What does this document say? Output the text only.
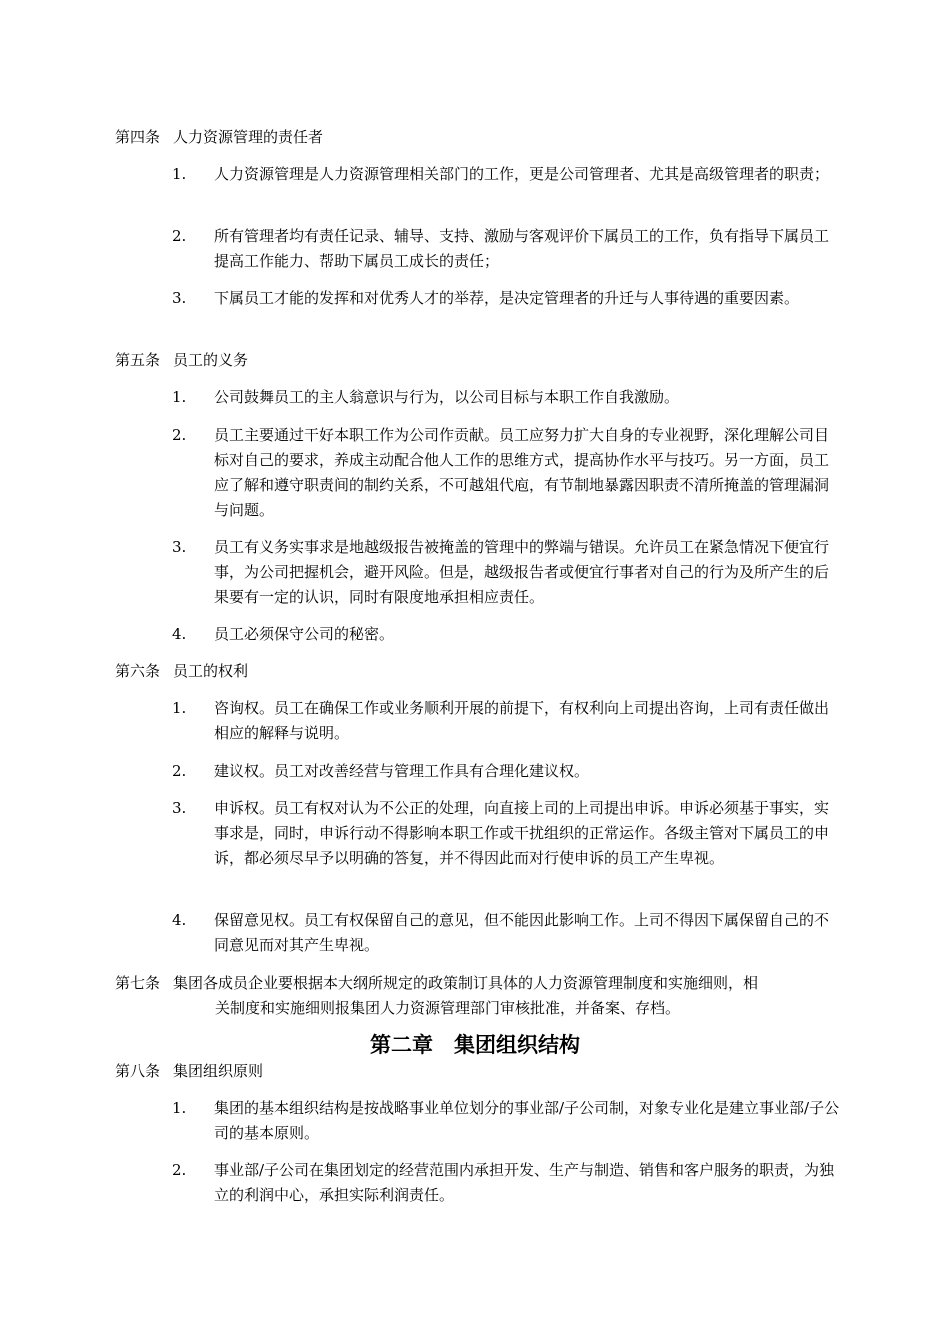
第四条 人力资源管理的责任者
1.	人力资源管理是人力资源管理相关部门的工作，更是公司管理者、尤其是高级管理者的职责；
2.	所有管理者均有责任记录、辅导、支持、激励与客观评价下属员工的工作，负有指导下属员工提高工作能力、帮助下属员工成长的责任；
3.	下属员工才能的发挥和对优秀人才的举荐，是决定管理者的升迁与人事待遇的重要因素。
第五条 员工的义务
1.	公司鼓舞员工的主人翁意识与行为，以公司目标与本职工作自我激励。
2.	员工主要通过干好本职工作为公司作贡献。员工应努力扩大自身的专业视野，深化理解公司目标对自己的要求，养成主动配合他人工作的思维方式，提高协作水平与技巧。另一方面，员工应了解和遵守职责间的制约关系，不可越俎代庖，有节制地暴露因职责不清所掩盖的管理漏洞与问题。
3.	员工有义务实事求是地越级报告被掩盖的管理中的弊端与错误。允许员工在紧急情况下便宜行事，为公司把握机会，避开风险。但是，越级报告者或便宜行事者对自己的行为及所产生的后果要有一定的认识，同时有限度地承担相应责任。
4.	员工必须保守公司的秘密。
第六条 员工的权利
1.	咨询权。员工在确保工作或业务顺利开展的前提下，有权利向上司提出咨询，上司有责任做出相应的解释与说明。
2.	建议权。员工对改善经营与管理工作具有合理化建议权。
3.	申诉权。员工有权对认为不公正的处理，向直接上司的上司提出申诉。申诉必须基于事实，实事求是，同时，申诉行动不得影响本职工作或干扰组织的正常运作。各级主管对下属员工的申诉，都必须尽早予以明确的答复，并不得因此而对行使申诉的员工产生卑视。
4.	保留意见权。员工有权保留自己的意见，但不能因此影响工作。上司不得因下属保留自己的不同意见而对其产生卑视。
第七条 集团各成员企业要根据本大纲所规定的政策制订具体的人力资源管理制度和实施细则，相
关制度和实施细则报集团人力资源管理部门审核批准，并备案、存档。
第二章　集团组织结构
第八条 集团组织原则
1.	集团的基本组织结构是按战略事业单位划分的事业部/子公司制，对象专业化是建立事业部/子公司的基本原则。
2.	事业部/子公司在集团划定的经营范围内承担开发、生产与制造、销售和客户服务的职责，为独立的利润中心，承担实际利润责任。
